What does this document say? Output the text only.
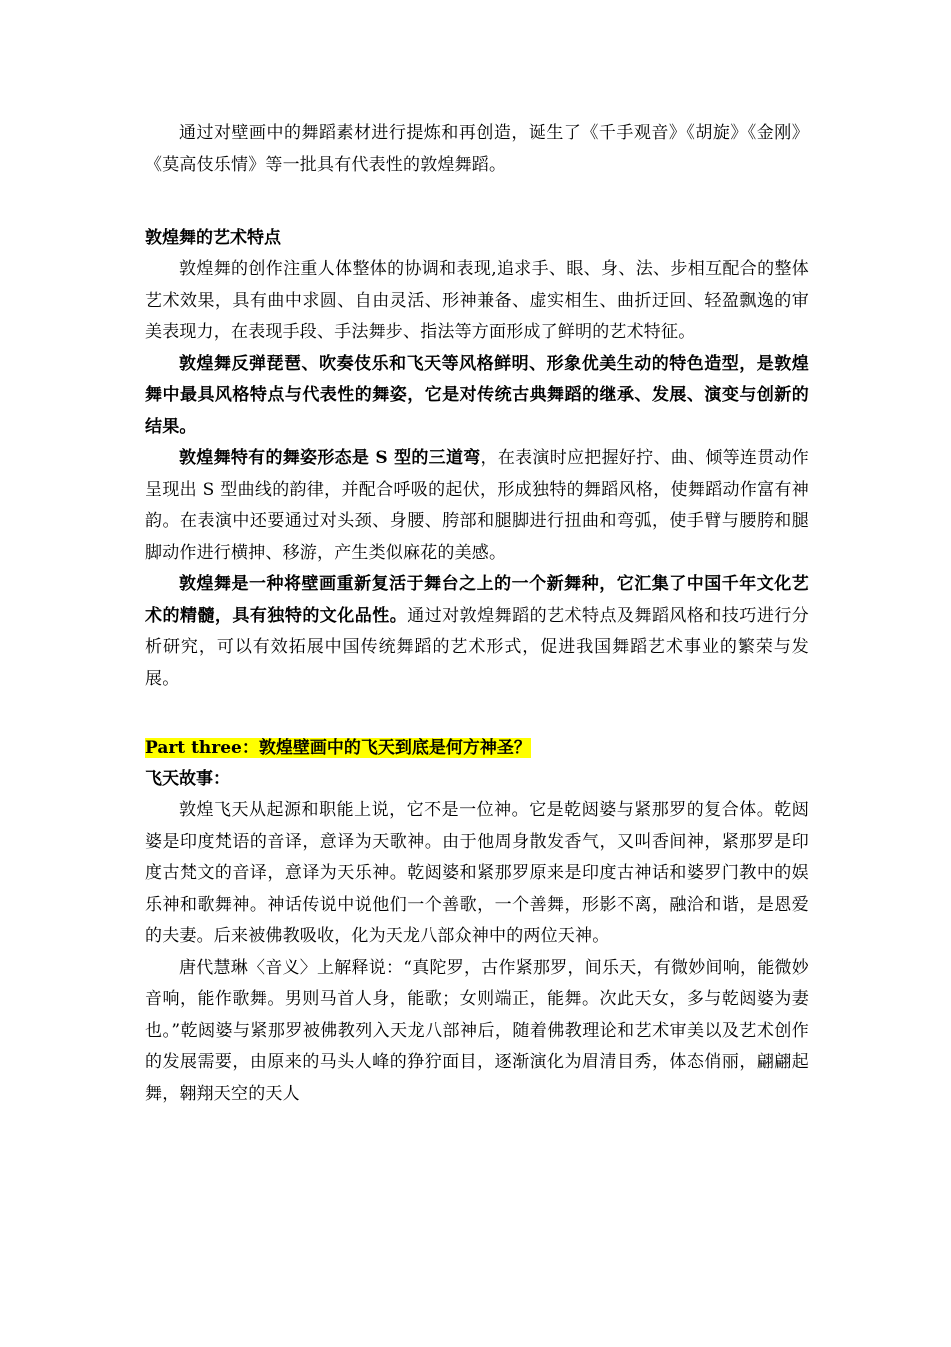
通过对壁画中的舞蹈素材进行提炼和再创造，诞生了《千手观音》《胡旋》《金刚》《莫高伎乐情》等一批具有代表性的敦煌舞蹈。

敦煌舞的艺术特点

敦煌舞的创作注重人体整体的协调和表现,追求手、眼、身、法、步相互配合的整体艺术效果，具有曲中求圆、自由灵活、形神兼备、虚实相生、曲折迂回、轻盈飘逸的审美表现力，在表现手段、手法舞步、指法等方面形成了鲜明的艺术特征。

敦煌舞反弹琵琶、吹奏伎乐和飞天等风格鲜明、形象优美生动的特色造型，是敦煌舞中最具风格特点与代表性的舞姿，它是对传统古典舞蹈的继承、发展、演变与创新的结果。

敦煌舞特有的舞姿形态是 S 型的三道弯，在表演时应把握好拧、曲、倾等连贯动作呈现出 S 型曲线的韵律，并配合呼吸的起伏，形成独特的舞蹈风格，使舞蹈动作富有神韵。在表演中还要通过对头颈、身腰、胯部和腿脚进行扭曲和弯弧，使手臂与腰胯和腿脚动作进行横抻、移游，产生类似麻花的美感。

敦煌舞是一种将壁画重新复活于舞台之上的一个新舞种，它汇集了中国千年文化艺术的精髓，具有独特的文化品性。通过对敦煌舞蹈的艺术特点及舞蹈风格和技巧进行分析研究，可以有效拓展中国传统舞蹈的艺术形式，促进我国舞蹈艺术事业的繁荣与发展。

Part three：敦煌壁画中的飞天到底是何方神圣？

飞天故事：

敦煌飞天从起源和职能上说，它不是一位神。它是乾闼婆与紧那罗的复合体。乾闼婆是印度梵语的音译，意译为天歌神。由于他周身散发香气，又叫香间神，紧那罗是印度古梵文的音译，意译为天乐神。乾闼婆和紧那罗原来是印度古神话和婆罗门教中的娱乐神和歌舞神。神话传说中说他们一个善歌，一个善舞，形影不离，融洽和谐，是恩爱的夫妻。后来被佛教吸收，化为天龙八部众神中的两位天神。

唐代慧琳〈音义〉上解释说：“真陀罗，古作紧那罗，间乐天，有微妙间响，能微妙音响，能作歌舞。男则马首人身，能歌；女则端正，能舞。次此天女，多与乾闼婆为妻也。”乾闼婆与紧那罗被佛教列入天龙八部神后，随着佛教理论和艺术审美以及艺术创作的发展需要，由原来的马头人峰的狰狞面目，逐渐演化为眉清目秀，体态俏丽，翩翩起舞，翱翔天空的天人
